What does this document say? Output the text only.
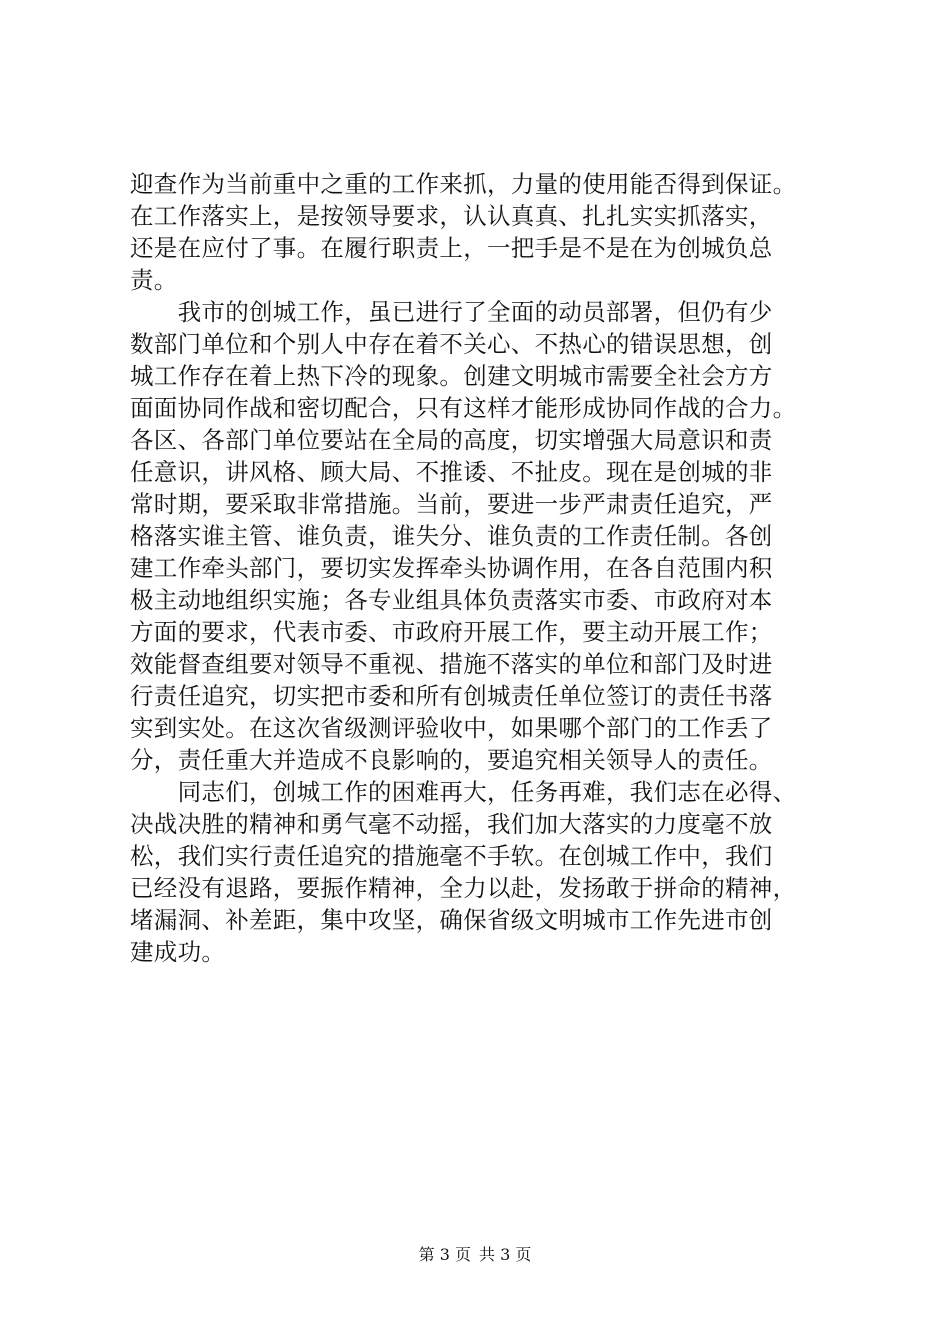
迎查作为当前重中之重的工作来抓，力量的使用能否得到保证。
在工作落实上，是按领导要求，认认真真、扎扎实实抓落实，
还是在应付了事。在履行职责上，一把手是不是在为创城负总
责。
　　我市的创城工作，虽已进行了全面的动员部署，但仍有少
数部门单位和个别人中存在着不关心、不热心的错误思想，创
城工作存在着上热下冷的现象。创建文明城市需要全社会方方
面面协同作战和密切配合，只有这样才能形成协同作战的合力。
各区、各部门单位要站在全局的高度，切实增强大局意识和责
任意识，讲风格、顾大局、不推诿、不扯皮。现在是创城的非
常时期，要采取非常措施。当前，要进一步严肃责任追究，严
格落实谁主管、谁负责，谁失分、谁负责的工作责任制。各创
建工作牵头部门，要切实发挥牵头协调作用，在各自范围内积
极主动地组织实施；各专业组具体负责落实市委、市政府对本
方面的要求，代表市委、市政府开展工作，要主动开展工作；
效能督查组要对领导不重视、措施不落实的单位和部门及时进
行责任追究，切实把市委和所有创城责任单位签订的责任书落
实到实处。在这次省级测评验收中，如果哪个部门的工作丢了
分，责任重大并造成不良影响的，要追究相关领导人的责任。
　　同志们，创城工作的困难再大，任务再难，我们志在必得、
决战决胜的精神和勇气毫不动摇，我们加大落实的力度毫不放
松，我们实行责任追究的措施毫不手软。在创城工作中，我们
已经没有退路，要振作精神，全力以赴，发扬敢于拼命的精神，
堵漏洞、补差距，集中攻坚，确保省级文明城市工作先进市创
建成功。
第 3 页 共 3 页
